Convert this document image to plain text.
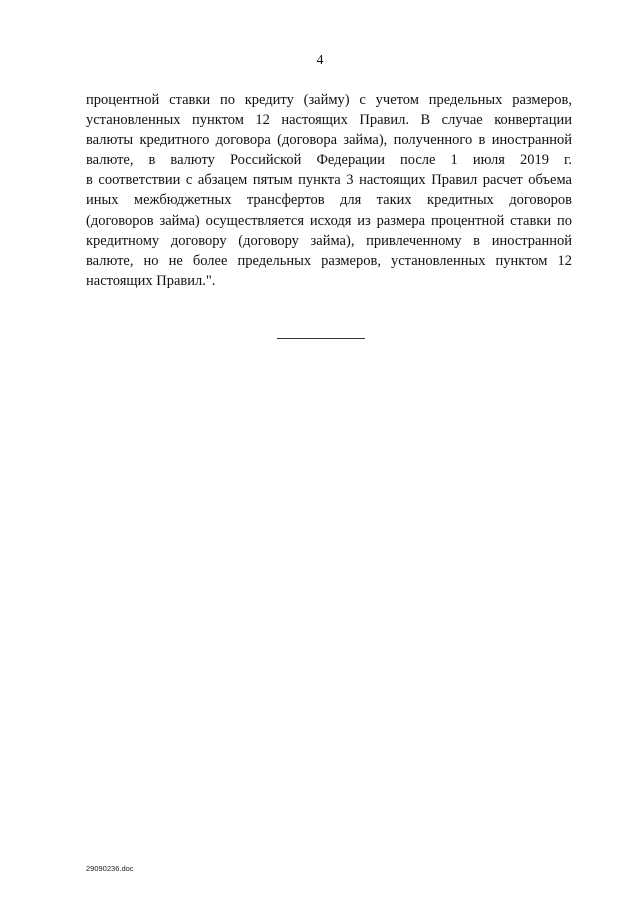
4
процентной ставки по кредиту (займу) с учетом предельных размеров,
установленных пунктом 12 настоящих Правил. В случае конвертации
валюты кредитного договора (договора займа), полученного в иностранной
валюте, в валюту Российской Федерации после 1 июля 2019 г.
в соответствии с абзацем пятым пункта 3 настоящих Правил расчет объема
иных межбюджетных трансфертов для таких кредитных договоров
(договоров займа) осуществляется исходя из размера процентной ставки по
кредитному договору (договору займа), привлеченному в иностранной
валюте, но не более предельных размеров, установленных пунктом 12
настоящих Правил.".
29090236.doc
